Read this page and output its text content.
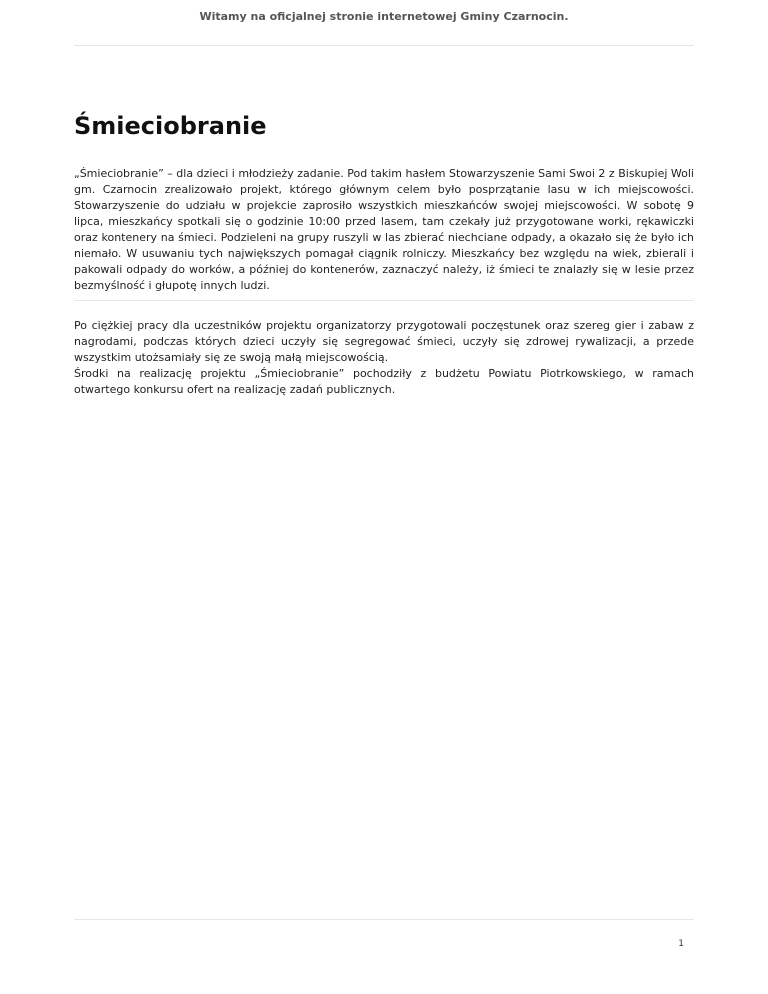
Witamy na oficjalnej stronie internetowej Gminy Czarnocin.

Śmieciobranie

„Śmieciobranie” – dla dzieci i młodzieży zadanie. Pod takim hasłem Stowarzyszenie Sami Swoi 2 z Biskupiej Woli gm. Czarnocin zrealizowało projekt, którego głównym celem było posprzątanie lasu w ich miejscowości. Stowarzyszenie do udziału w projekcie zaprosiło wszystkich mieszkańców swojej miejscowości. W sobotę 9 lipca, mieszkańcy spotkali się o godzinie 10:00 przed lasem, tam czekały już przygotowane worki, rękawiczki oraz kontenery na śmieci. Podzieleni na grupy ruszyli w las zbierać niechciane odpady, a okazało się że było ich niemało. W usuwaniu tych największych pomagał ciągnik rolniczy. Mieszkańcy bez względu na wiek, zbierali i pakowali odpady do worków, a później do kontenerów, zaznaczyć należy, iż śmieci te znalazły się w lesie przez bezmyślność i głupotę innych ludzi.

Po ciężkiej pracy dla uczestników projektu organizatorzy przygotowali poczęstunek oraz szereg gier i zabaw z nagrodami, podczas których dzieci uczyły się segregować śmieci, uczyły się zdrowej rywalizacji, a przede wszystkim utożsamiały się ze swoją małą miejscowością.

Środki na realizację projektu „Śmieciobranie” pochodziły z budżetu Powiatu Piotrkowskiego, w ramach otwartego konkursu ofert na realizację zadań publicznych.

1
